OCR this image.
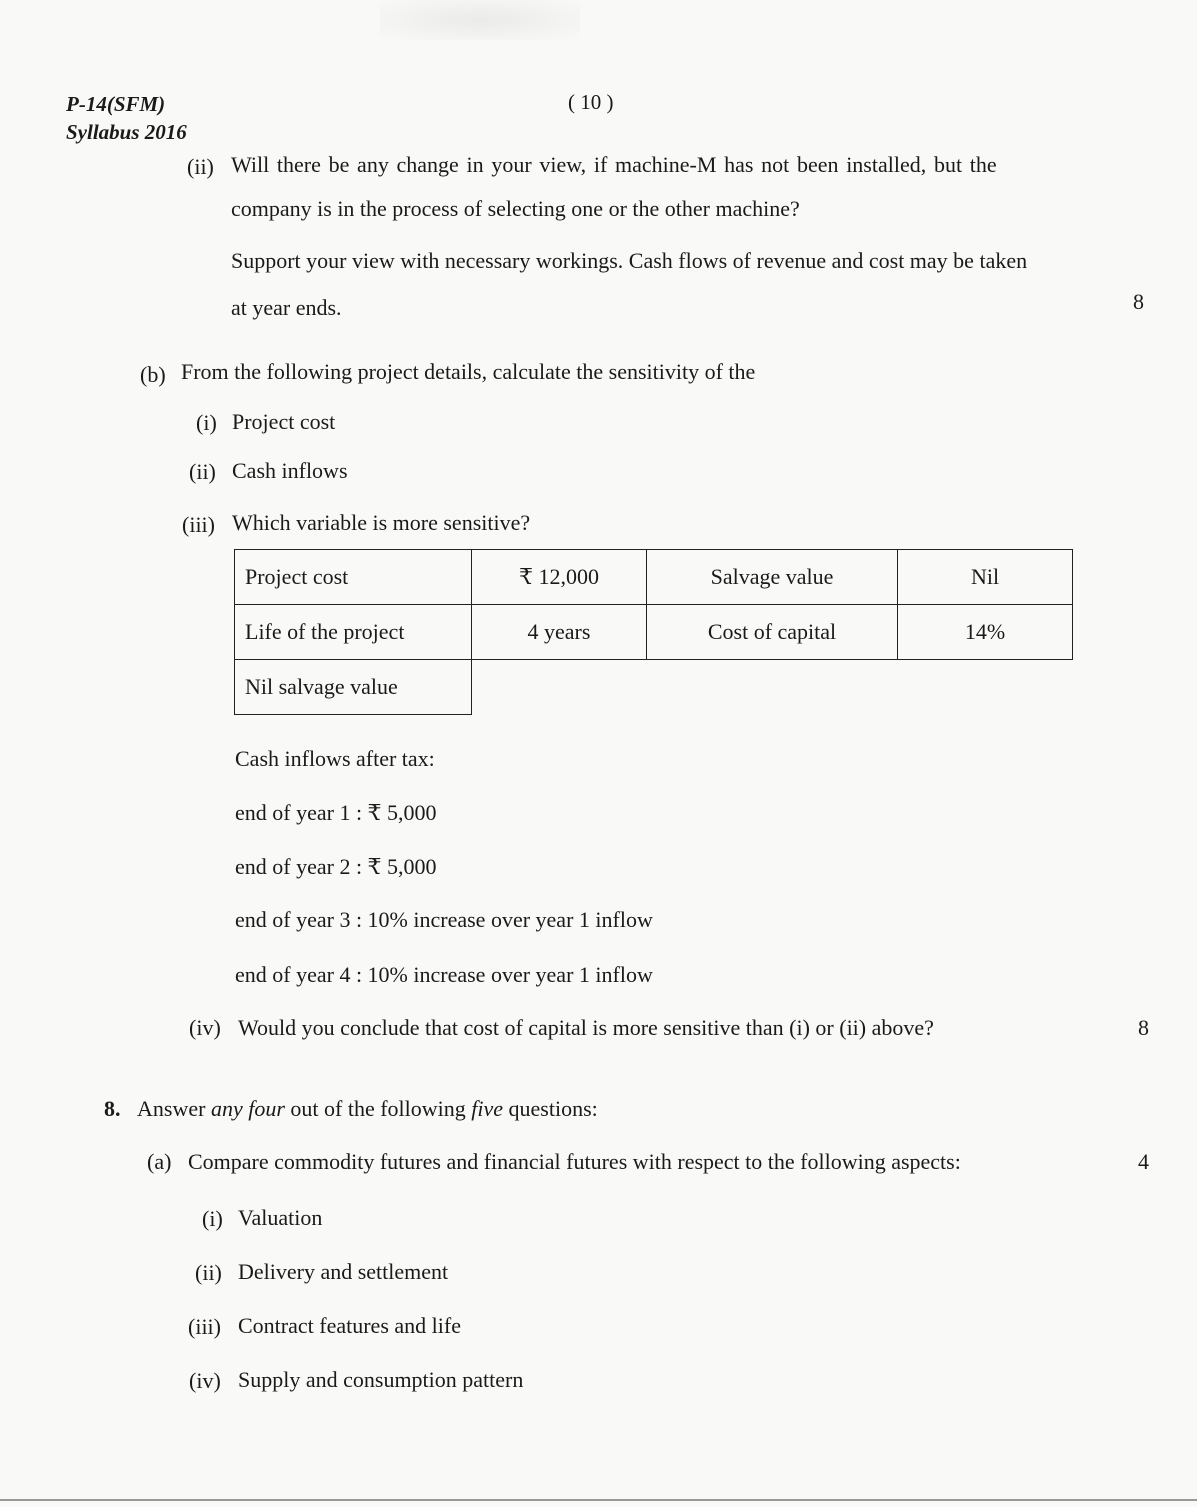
P-14(SFM)
Syllabus 2016
( 10 )
(ii) Will there be any change in your view, if machine-M has not been installed, but the
company is in the process of selecting one or the other machine?
Support your view with necessary workings. Cash flows of revenue and cost may be taken
at year ends.	8
(b) From the following project details, calculate the sensitivity of the
(i) Project cost
(ii) Cash inflows
(iii) Which variable is more sensitive?
Project cost	₹ 12,000	Salvage value	Nil
Life of the project	4 years	Cost of capital	14%
Nil salvage value			
Cash inflows after tax:
end of year 1 : ₹ 5,000
end of year 2 : ₹ 5,000
end of year 3 : 10% increase over year 1 inflow
end of year 4 : 10% increase over year 1 inflow
(iv) Would you conclude that cost of capital is more sensitive than (i) or (ii) above?	8
8. Answer any four out of the following five questions:
(a) Compare commodity futures and financial futures with respect to the following aspects:	4
(i) Valuation
(ii) Delivery and settlement
(iii) Contract features and life
(iv) Supply and consumption pattern
